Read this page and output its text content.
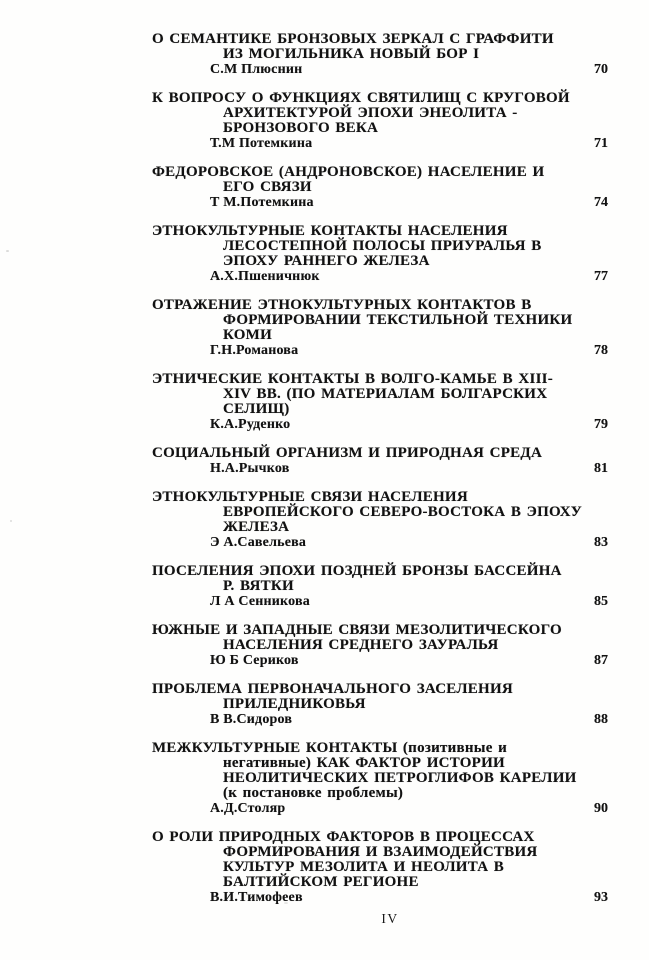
О СЕМАНТИКЕ БРОНЗОВЫХ ЗЕРКАЛ С ГРАФФИТИ
ИЗ МОГИЛЬНИКА НОВЫЙ БОР I
С.М Плюснин	70
К ВОПРОСУ О ФУНКЦИЯХ СВЯТИЛИЩ С КРУГОВОЙ
АРХИТЕКТУРОЙ ЭПОХИ ЭНЕОЛИТА -
БРОНЗОВОГО ВЕКА
Т.М Потемкина	71
ФЕДОРОВСКОЕ (АНДРОНОВСКОЕ) НАСЕЛЕНИЕ И
ЕГО СВЯЗИ
Т М.Потемкина	74
ЭТНОКУЛЬТУРНЫЕ КОНТАКТЫ НАСЕЛЕНИЯ
ЛЕСОСТЕПНОЙ ПОЛОСЫ ПРИУРАЛЬЯ В
ЭПОХУ РАННЕГО ЖЕЛЕЗА
А.Х.Пшеничнюк	77
ОТРАЖЕНИЕ ЭТНОКУЛЬТУРНЫХ КОНТАКТОВ В
ФОРМИРОВАНИИ ТЕКСТИЛЬНОЙ ТЕХНИКИ
КОМИ
Г.Н.Романова	78
ЭТНИЧЕСКИЕ КОНТАКТЫ В ВОЛГО-КАМЬЕ В XIII-
XIV ВВ. (ПО МАТЕРИАЛАМ БОЛГАРСКИХ
СЕЛИЩ)
К.А.Руденко	79
СОЦИАЛЬНЫЙ ОРГАНИЗМ И ПРИРОДНАЯ СРЕДА
Н.А.Рычков	81
ЭТНОКУЛЬТУРНЫЕ СВЯЗИ НАСЕЛЕНИЯ
ЕВРОПЕЙСКОГО СЕВЕРО-ВОСТОКА В ЭПОХУ
ЖЕЛЕЗА
Э А.Савельева	83
ПОСЕЛЕНИЯ ЭПОХИ ПОЗДНЕЙ БРОНЗЫ БАССЕЙНА
Р. ВЯТКИ
Л А Сенникова	85
ЮЖНЫЕ И ЗАПАДНЫЕ СВЯЗИ МЕЗОЛИТИЧЕСКОГО
НАСЕЛЕНИЯ СРЕДНЕГО ЗАУРАЛЬЯ
Ю Б Сериков	87
ПРОБЛЕМА ПЕРВОНАЧАЛЬНОГО ЗАСЕЛЕНИЯ
ПРИЛЕДНИКОВЬЯ
В В.Сидоров	88
МЕЖКУЛЬТУРНЫЕ КОНТАКТЫ (позитивные и
негативные) КАК ФАКТОР ИСТОРИИ
НЕОЛИТИЧЕСКИХ ПЕТРОГЛИФОВ КАРЕЛИИ
(к постановке проблемы)
А.Д.Столяр	90
О РОЛИ ПРИРОДНЫХ ФАКТОРОВ В ПРОЦЕССАХ
ФОРМИРОВАНИЯ И ВЗАИМОДЕЙСТВИЯ
КУЛЬТУР МЕЗОЛИТА И НЕОЛИТА В
БАЛТИЙСКОМ РЕГИОНЕ
В.И.Тимофеев	93
IV
